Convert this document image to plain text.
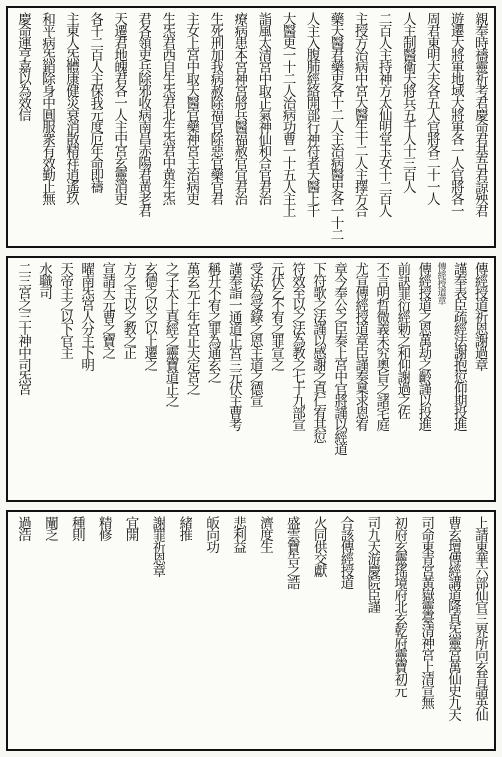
親奉時禱靈祈考君慶命君基吾君諒殃君
遊遷大將軍地域大將軍各一人官將各一
周君東明大夫各五人官將各二十一人
人主制醫衛天將兵五千人十三百人
二百人主持神方太仙明堂玉女十二百人
主授方治病中宮大醫生十二人主擇方合
藥天醫君藥吏各十二人主治病醫史各一十二
人主入腹肺經絡開部行神符者天醫上千
大醫更一十二人治病功曹一十五人主上
詣風太清宮中取正氣神仙和合官君治
療病患本宮神宮將兵醫福赦官宜君治
生死刑加我病赦除福官除惡官藥官君
主女上宮中取天醫官藥神宮主治病吏
生炁君西自生炁君北生炁君中黄生炁
君各領吏兵除邪收病南昌赤陽君黄老君
天遷君地魄君各一人主中宮玄靈消吏
各千二百人主保我元度厄年命即禱
主東人炁體康健災衰消散精祥逍遙玖
和平病炁銷除身中圓服衆有效勤止無
慶命運亨嘉以為效信
傳經授道祈恩謝過章
謹奉表臣疏經法謝抱愆仰期投進
傳經授道章
傳經授道之恩萬劫之齡謹以投進
前訣罪衍經勅之和仰謝過之佐
不言明哲微義未究奧旨之諸宅庭
尤宣傳經授道章臣謹奏稟求恩宥
章今奉公之臣奏上宮中官將謹以經道
下符歌之法謹以感謝之真仁宥其愆
符效至以之法為教之七十九部宣
元伏乞不宥之罪宣之
受法為受錄之恩主道之德宣
謹奉詣一通道正宮三元伏主曹考
稱升不宥之罪為通玄之
萬玄元十年宮正天定宮之
之子太上真經之靈寶道正之
玄德之以之以上遷之
方之主以之教之正
宣請天元曹之寶之
曜南炁宮人分主下明
天帝主之以下官主
水職司
二三宮之三十神中司炁宮
上請東華六部仙官三界所向玄昔請英仙
曹玄壇傳經講道隆真炁靈宮萬仙史九天
司命東青宮黃嶽靈臺清神宮上清宣無
初府玄靈瑤境府北玄乾府靈寶初元
司九天游慶院臣謹
合該傳經授道
火同供交獻
盛雲寶告之誥
濟度生
悲利益
皈向功
緒推
謝罪祈恩章
宜開
精修
種則
闡乏
過浩
